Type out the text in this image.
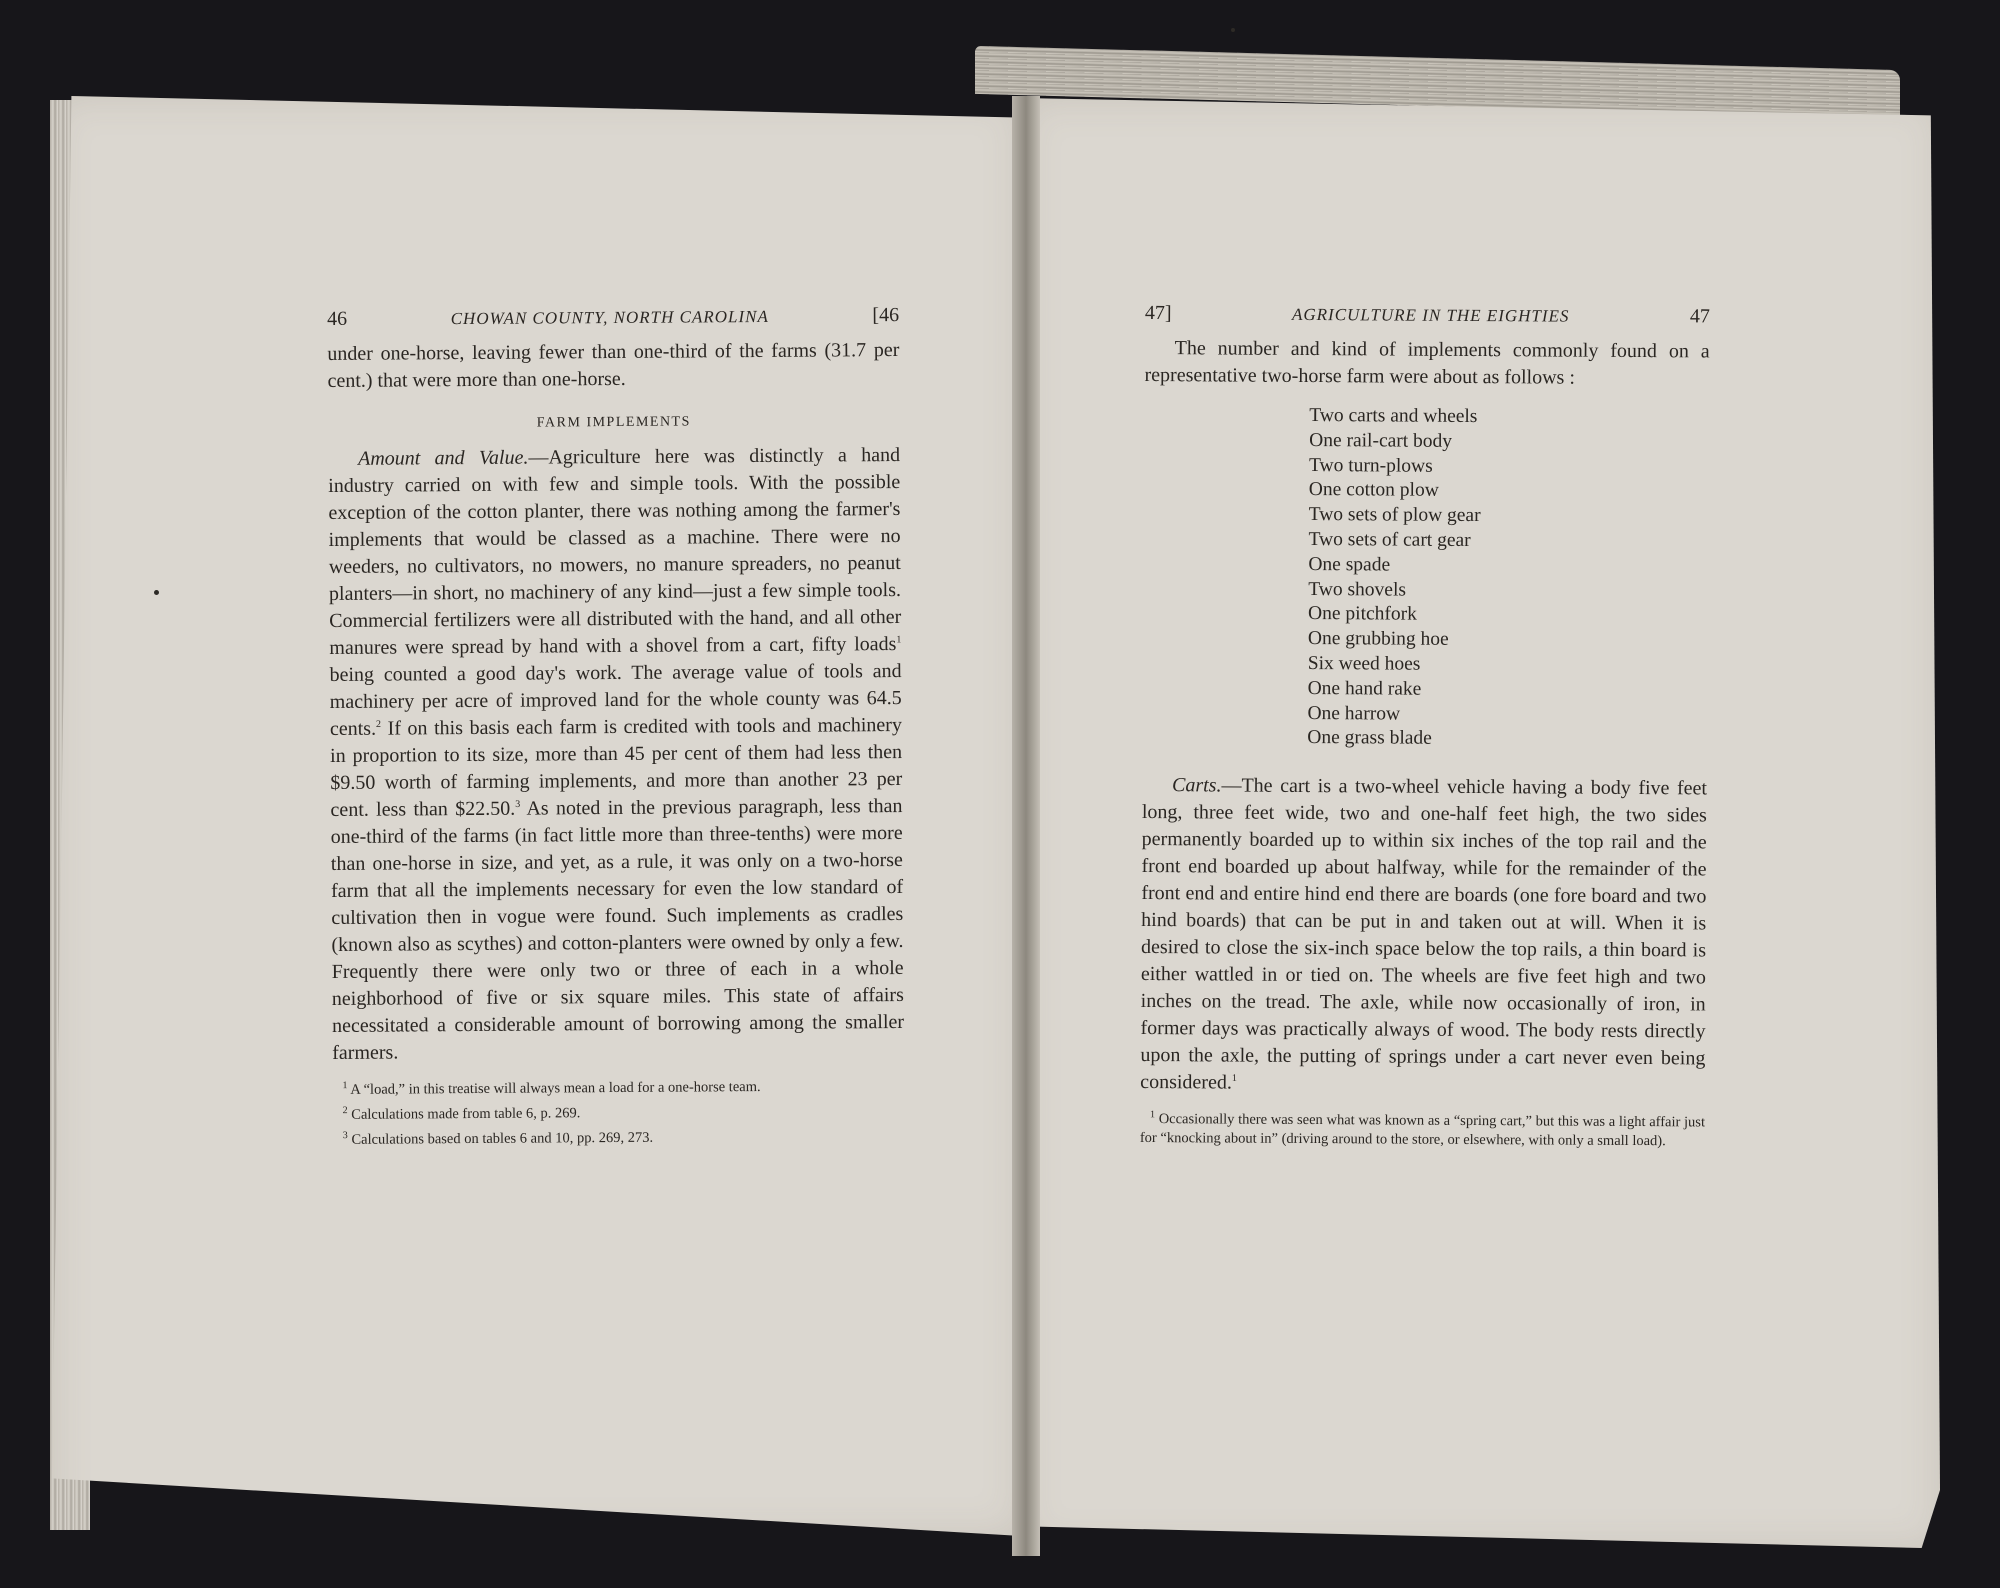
46	CHOWAN COUNTY, NORTH CAROLINA	[46

under one-horse, leaving fewer than one-third of the farms (31.7 per cent.) that were more than one-horse.

FARM IMPLEMENTS

Amount and Value.—Agriculture here was distinctly a hand industry carried on with few and simple tools. With the possible exception of the cotton planter, there was nothing among the farmer's implements that would be classed as a machine. There were no weeders, no cultivators, no mowers, no manure spreaders, no peanut planters—in short, no machinery of any kind—just a few simple tools. Commercial fertilizers were all distributed with the hand, and all other manures were spread by hand with a shovel from a cart, fifty loads$^1$ being counted a good day's work. The average value of tools and machinery per acre of improved land for the whole county was 64.5 cents.$^2$ If on this basis each farm is credited with tools and machinery in proportion to its size, more than 45 per cent of them had less then $9.50 worth of farming implements, and more than another 23 per cent. less than $22.50.$^3$ As noted in the previous paragraph, less than one-third of the farms (in fact little more than three-tenths) were more than one-horse in size, and yet, as a rule, it was only on a two-horse farm that all the implements necessary for even the low standard of cultivation then in vogue were found. Such implements as cradles (known also as scythes) and cotton-planters were owned by only a few. Frequently there were only two or three of each in a whole neighborhood of five or six square miles. This state of affairs necessitated a considerable amount of borrowing among the smaller farmers.

$^1$ A “load,” in this treatise will always mean a load for a one-horse team.

$^2$ Calculations made from table 6, p. 269.

$^3$ Calculations based on tables 6 and 10, pp. 269, 273.

47]	AGRICULTURE IN THE EIGHTIES	47

The number and kind of implements commonly found on a representative two-horse farm were about as follows :

Two carts and wheels
One rail-cart body
Two turn-plows
One cotton plow
Two sets of plow gear
Two sets of cart gear
One spade
Two shovels
One pitchfork
One grubbing hoe
Six weed hoes
One hand rake
One harrow
One grass blade

Carts.—The cart is a two-wheel vehicle having a body five feet long, three feet wide, two and one-half feet high, the two sides permanently boarded up to within six inches of the top rail and the front end boarded up about halfway, while for the remainder of the front end and entire hind end there are boards (one fore board and two hind boards) that can be put in and taken out at will. When it is desired to close the six-inch space below the top rails, a thin board is either wattled in or tied on. The wheels are five feet high and two inches on the tread. The axle, while now occasionally of iron, in former days was practically always of wood. The body rests directly upon the axle, the putting of springs under a cart never even being considered.$^1$

$^1$ Occasionally there was seen what was known as a “spring cart,” but this was a light affair just for “knocking about in” (driving around to the store, or elsewhere, with only a small load).
